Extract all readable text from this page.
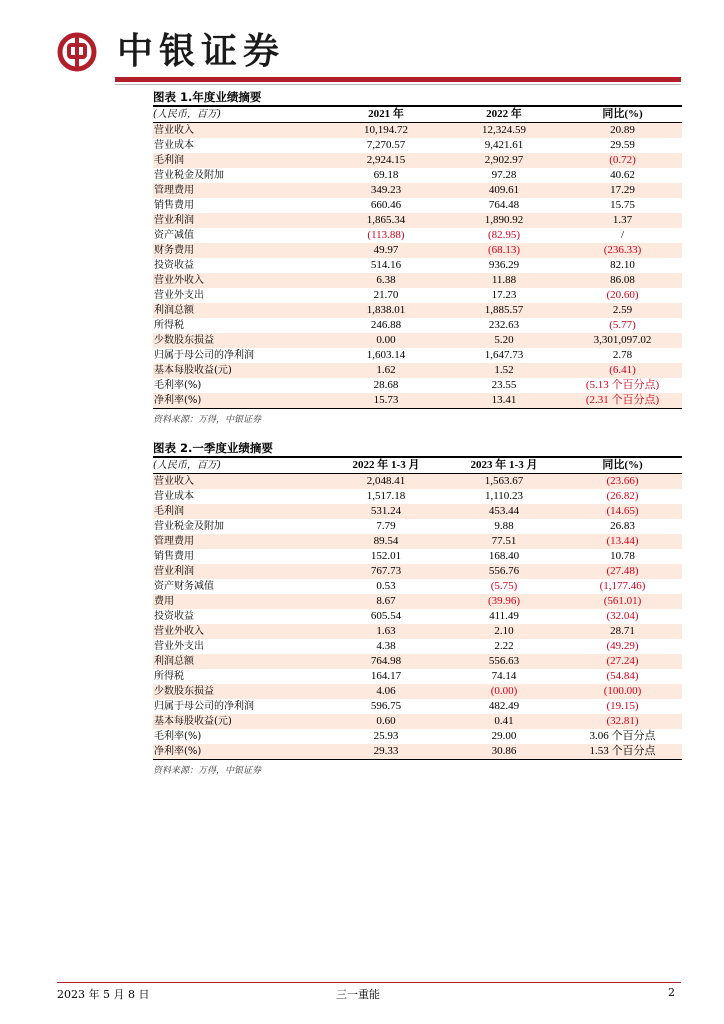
中银证券
图表 1.年度业绩摘要
(人民币，百万)	2021 年	2022 年	同比(%)
营业收入	10,194.72	12,324.59	20.89
营业成本	7,270.57	9,421.61	29.59
毛利润	2,924.15	2,902.97	(0.72)
营业税金及附加	69.18	97.28	40.62
管理费用	349.23	409.61	17.29
销售费用	660.46	764.48	15.75
营业利润	1,865.34	1,890.92	1.37
资产减值	(113.88)	(82.95)	/
财务费用	49.97	(68.13)	(236.33)
投资收益	514.16	936.29	82.10
营业外收入	6.38	11.88	86.08
营业外支出	21.70	17.23	(20.60)
利润总额	1,838.01	1,885.57	2.59
所得税	246.88	232.63	(5.77)
少数股东损益	0.00	5.20	3,301,097.02
归属于母公司的净利润	1,603.14	1,647.73	2.78
基本每股收益(元)	1.62	1.52	(6.41)
毛利率(%)	28.68	23.55	(5.13 个百分点)
净利率(%)	15.73	13.41	(2.31 个百分点)
资料来源：万得，中银证券
图表 2.一季度业绩摘要
(人民币，百万)	2022 年 1-3 月	2023 年 1-3 月	同比(%)
营业收入	2,048.41	1,563.67	(23.66)
营业成本	1,517.18	1,110.23	(26.82)
毛利润	531.24	453.44	(14.65)
营业税金及附加	7.79	9.88	26.83
管理费用	89.54	77.51	(13.44)
销售费用	152.01	168.40	10.78
营业利润	767.73	556.76	(27.48)
资产财务减值	0.53	(5.75)	(1,177.46)
费用	8.67	(39.96)	(561.01)
投资收益	605.54	411.49	(32.04)
营业外收入	1.63	2.10	28.71
营业外支出	4.38	2.22	(49.29)
利润总额	764.98	556.63	(27.24)
所得税	164.17	74.14	(54.84)
少数股东损益	4.06	(0.00)	(100.00)
归属于母公司的净利润	596.75	482.49	(19.15)
基本每股收益(元)	0.60	0.41	(32.81)
毛利率(%)	25.93	29.00	3.06 个百分点
净利率(%)	29.33	30.86	1.53 个百分点
资料来源：万得，中银证券
2023 年 5 月 8 日	三一重能	2
